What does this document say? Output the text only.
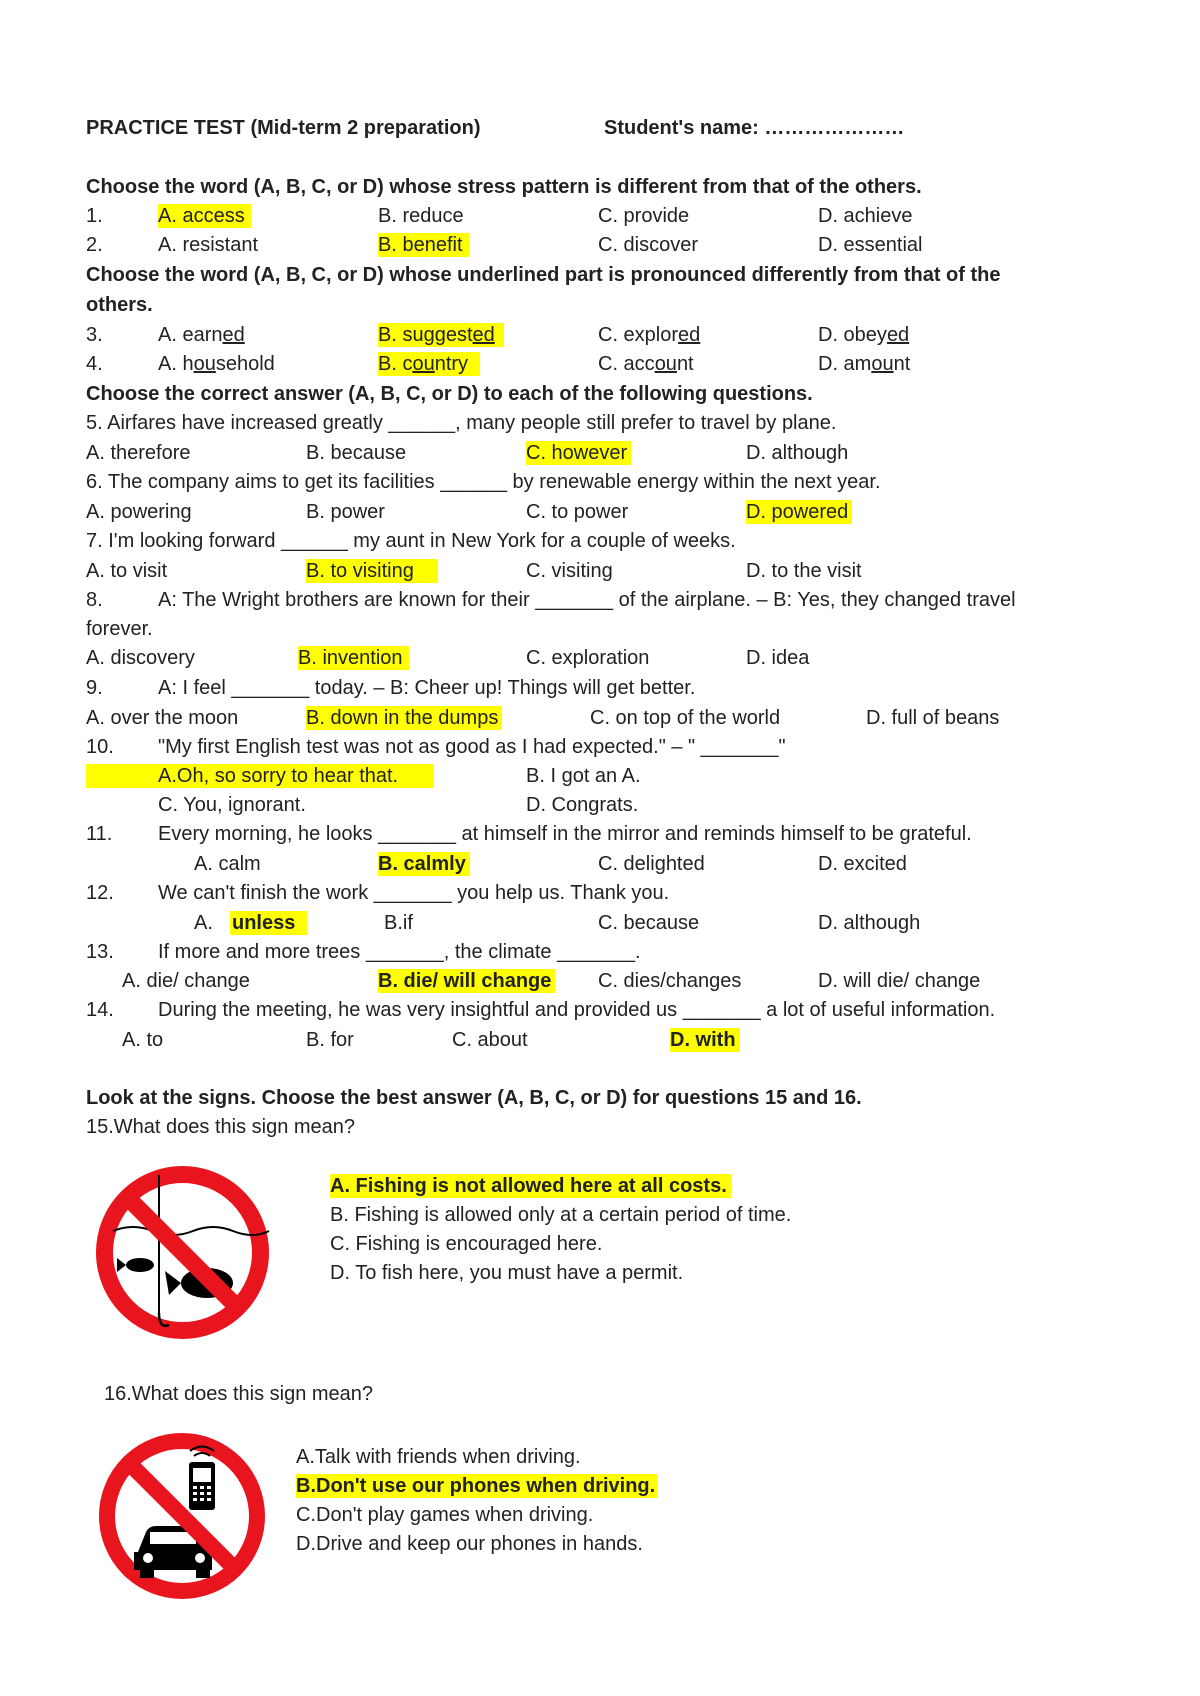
PRACTICE TEST (Mid-term 2 preparation)	Student's name: …………………
Choose the word (A, B, C, or D) whose stress pattern is different from that of the others.
1.	A. access	B. reduce	C. provide	D. achieve
2.	A. resistant	B. benefit	C. discover	D. essential
Choose the word (A, B, C, or D) whose underlined part is pronounced differently from that of the
others.
3.	A. earned	B. suggested	C. explored	D. obeyed
4.	A. household	B. country	C. account	D. amount
Choose the correct answer (A, B, C, or D) to each of the following questions.
5. Airfares have increased greatly ______, many people still prefer to travel by plane.
A. therefore	B. because	C. however	D. although
6. The company aims to get its facilities ______ by renewable energy within the next year.
A. powering	B. power	C. to power	D. powered
7. I'm looking forward ______ my aunt in New York for a couple of weeks.
A. to visit	B. to visiting	C. visiting	D. to the visit
8.	A: The Wright brothers are known for their _______ of the airplane. – B: Yes, they changed travel
forever.
A. discovery	B. invention	C. exploration	D. idea
9.	A: I feel _______ today. – B: Cheer up! Things will get better.
A. over the moon	B. down in the dumps	C. on top of the world	D. full of beans
10. "My first English test was not as good as I had expected." – " _______"
A.Oh, so sorry to hear that.	B. I got an A.
C. You, ignorant.	D. Congrats.
11. Every morning, he looks _______ at himself in the mirror and reminds himself to be grateful.
A. calm	B. calmly	C. delighted	D. excited
12. We can't finish the work _______ you help us. Thank you.
A. unless	B.if	C. because	D. although
13. If more and more trees _______, the climate _______.
A. die/ change	B. die/ will change C. dies/changes	D. will die/ change
14. During the meeting, he was very insightful and provided us _______ a lot of useful information.
A. to	B. for	C. about	D. with
Look at the signs. Choose the best answer (A, B, C, or D) for questions 15 and 16.
15.What does this sign mean?
A. Fishing is not allowed here at all costs.
B. Fishing is allowed only at a certain period of time.
C. Fishing is encouraged here.
D. To fish here, you must have a permit.
16.What does this sign mean?
A.Talk with friends when driving.
B.Don't use our phones when driving.
C.Don't play games when driving.
D.Drive and keep our phones in hands.
